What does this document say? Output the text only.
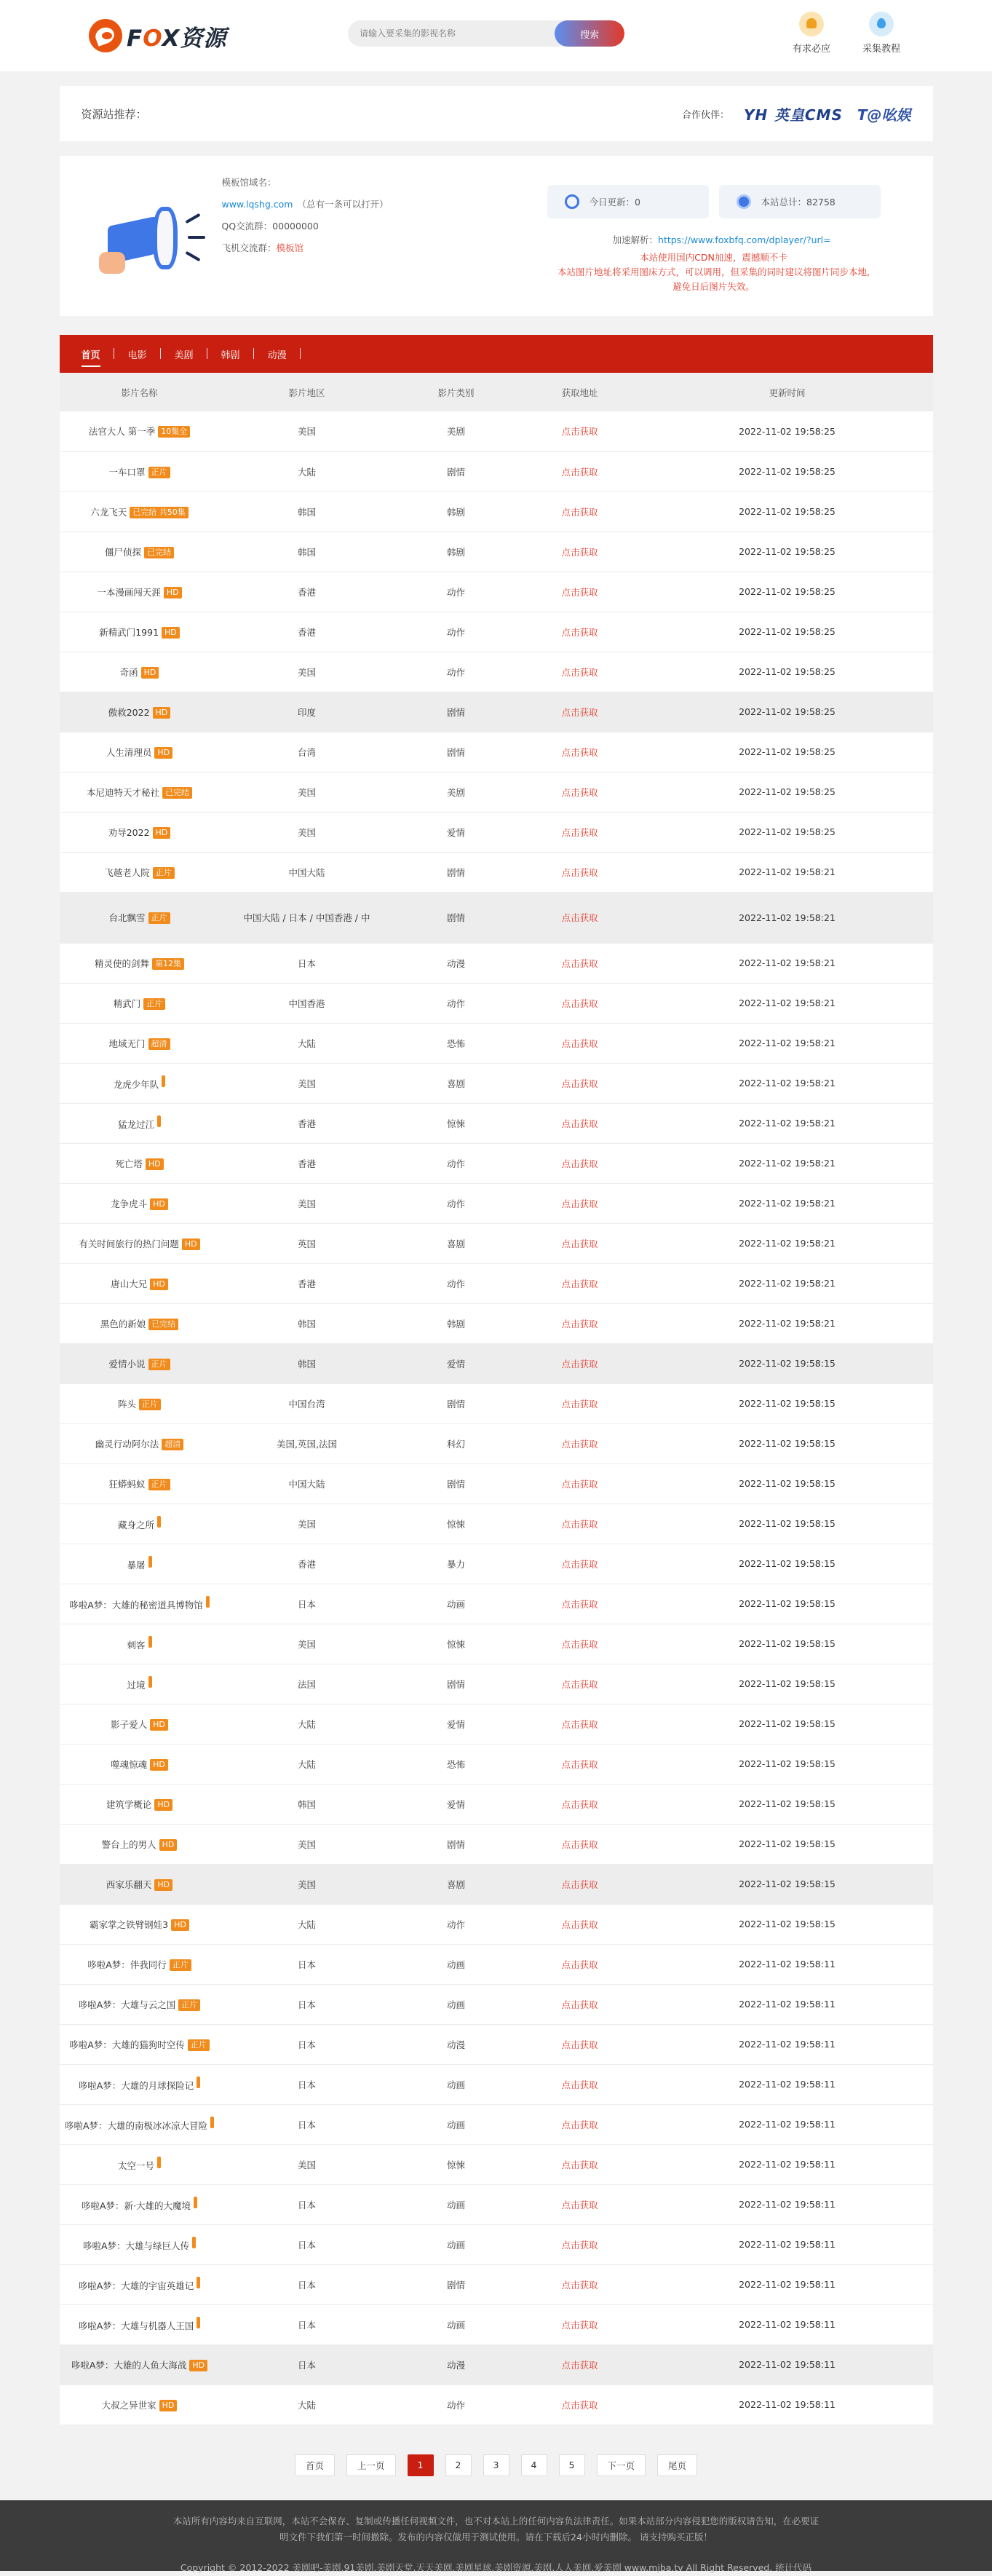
FOX资源
请输入要采集的影视名称	搜索
有求必应	采集教程
资源站推荐：	合作伙伴： YH 英皇CMS T@吆娱
模板馆域名：
www.lqshg.com （总有一条可以打开）
QQ交流群：00000000
飞机交流群：模板馆
今日更新：0	本站总计：82758
加速解析：https://www.foxbfq.com/dplayer/?url=
本站使用国内CDN加速，震撼顺不卡
本站图片地址将采用图床方式，可以调用，但采集的同时建议将图片同步本地,
避免日后图片失效。
首页	电影	美剧	韩剧	动漫
影片名称	影片地区	影片类别	获取地址	更新时间
法官大人 第一季 10集全	美国	美剧	点击获取	2022-11-02 19:58:25
一车口罩 正片	大陆	剧情	点击获取	2022-11-02 19:58:25
六龙飞天 已完结 共50集	韩国	韩剧	点击获取	2022-11-02 19:58:25
僵尸侦探 已完结	韩国	韩剧	点击获取	2022-11-02 19:58:25
一本漫画闯天涯 HD	香港	动作	点击获取	2022-11-02 19:58:25
新精武门1991 HD	香港	动作	点击获取	2022-11-02 19:58:25
奇函 HD	美国	动作	点击获取	2022-11-02 19:58:25
傲救2022 HD	印度	剧情	点击获取	2022-11-02 19:58:25
人生清理员 HD	台湾	剧情	点击获取	2022-11-02 19:58:25
本尼迪特天才秘社 已完结	美国	美剧	点击获取	2022-11-02 19:58:25
劝导2022 HD	美国	爱情	点击获取	2022-11-02 19:58:25
飞越老人院 正片	中国大陆	剧情	点击获取	2022-11-02 19:58:21
台北飘雪 正片	中国大陆 / 日本 / 中国香港 / 中	剧情	点击获取	2022-11-02 19:58:21
精灵使的剑舞 第12集	日本	动漫	点击获取	2022-11-02 19:58:21
精武门 正片	中国香港	动作	点击获取	2022-11-02 19:58:21
地域无门 超清	大陆	恐怖	点击获取	2022-11-02 19:58:21
龙虎少年队	美国	喜剧	点击获取	2022-11-02 19:58:21
猛龙过江	香港	惊悚	点击获取	2022-11-02 19:58:21
死亡塔 HD	香港	动作	点击获取	2022-11-02 19:58:21
龙争虎斗 HD	美国	动作	点击获取	2022-11-02 19:58:21
有关时间旅行的热门问题 HD	英国	喜剧	点击获取	2022-11-02 19:58:21
唐山大兄 HD	香港	动作	点击获取	2022-11-02 19:58:21
黑色的新娘 已完结	韩国	韩剧	点击获取	2022-11-02 19:58:21
爱情小说 正片	韩国	爱情	点击获取	2022-11-02 19:58:15
阵头 正片	中国台湾	剧情	点击获取	2022-11-02 19:58:15
幽灵行动阿尔法 超清	美国,英国,法国	科幻	点击获取	2022-11-02 19:58:15
狂蟒蚂蚁 正片	中国大陆	剧情	点击获取	2022-11-02 19:58:15
藏身之所	美国	惊悚	点击获取	2022-11-02 19:58:15
暴屠	香港	暴力	点击获取	2022-11-02 19:58:15
哆啦A梦：大雄的秘密道具博物馆	日本	动画	点击获取	2022-11-02 19:58:15
刺客	美国	惊悚	点击获取	2022-11-02 19:58:15
过境	法国	剧情	点击获取	2022-11-02 19:58:15
影子爱人 HD	大陆	爱情	点击获取	2022-11-02 19:58:15
噬魂惊魂 HD	大陆	恐怖	点击获取	2022-11-02 19:58:15
建筑学概论 HD	韩国	爱情	点击获取	2022-11-02 19:58:15
警台上的男人 HD	美国	剧情	点击获取	2022-11-02 19:58:15
西家乐翻天 HD	美国	喜剧	点击获取	2022-11-02 19:58:15
霸家掌之铁臂钢娃3 HD	大陆	动作	点击获取	2022-11-02 19:58:15
哆啦A梦：伴我同行 正片	日本	动画	点击获取	2022-11-02 19:58:11
哆啦A梦：大雄与云之国 正片	日本	动画	点击获取	2022-11-02 19:58:11
哆啦A梦：大雄的猫狗时空传 正片	日本	动漫	点击获取	2022-11-02 19:58:11
哆啦A梦：大雄的月球探险记	日本	动画	点击获取	2022-11-02 19:58:11
哆啦A梦：大雄的南极冰冰凉大冒险	日本	动画	点击获取	2022-11-02 19:58:11
太空一号	美国	惊悚	点击获取	2022-11-02 19:58:11
哆啦A梦：新·大雄的大魔境	日本	动画	点击获取	2022-11-02 19:58:11
哆啦A梦：大雄与绿巨人传	日本	动画	点击获取	2022-11-02 19:58:11
哆啦A梦：大雄的宇宙英雄记	日本	剧情	点击获取	2022-11-02 19:58:11
哆啦A梦：大雄与机器人王国	日本	动画	点击获取	2022-11-02 19:58:11
哆啦A梦：大雄的人鱼大海战 HD	日本	动漫	点击获取	2022-11-02 19:58:11
大叔之异世家 HD	大陆	动作	点击获取	2022-11-02 19:58:11
首页	上一页	1	2	3	4	5	下一页	尾页
本站所有内容均来自互联网，本站不会保存、复制或传播任何视频文件，也不对本站上的任何内容负法律责任。如果本站部分内容侵犯您的版权请告知，在必要证
明文件下我们第一时间撤除。发布的内容仅做用于测试使用。请在下载后24小时内删除。 请支持购买正版！
Copyright © 2012-2022 美剧吧-美剧,91美剧,美剧天堂,天天美剧,美剧星球,美剧资源,美剧,人人美剧,爱美剧 www.mjba.tv All Right Reserved. 统计代码
